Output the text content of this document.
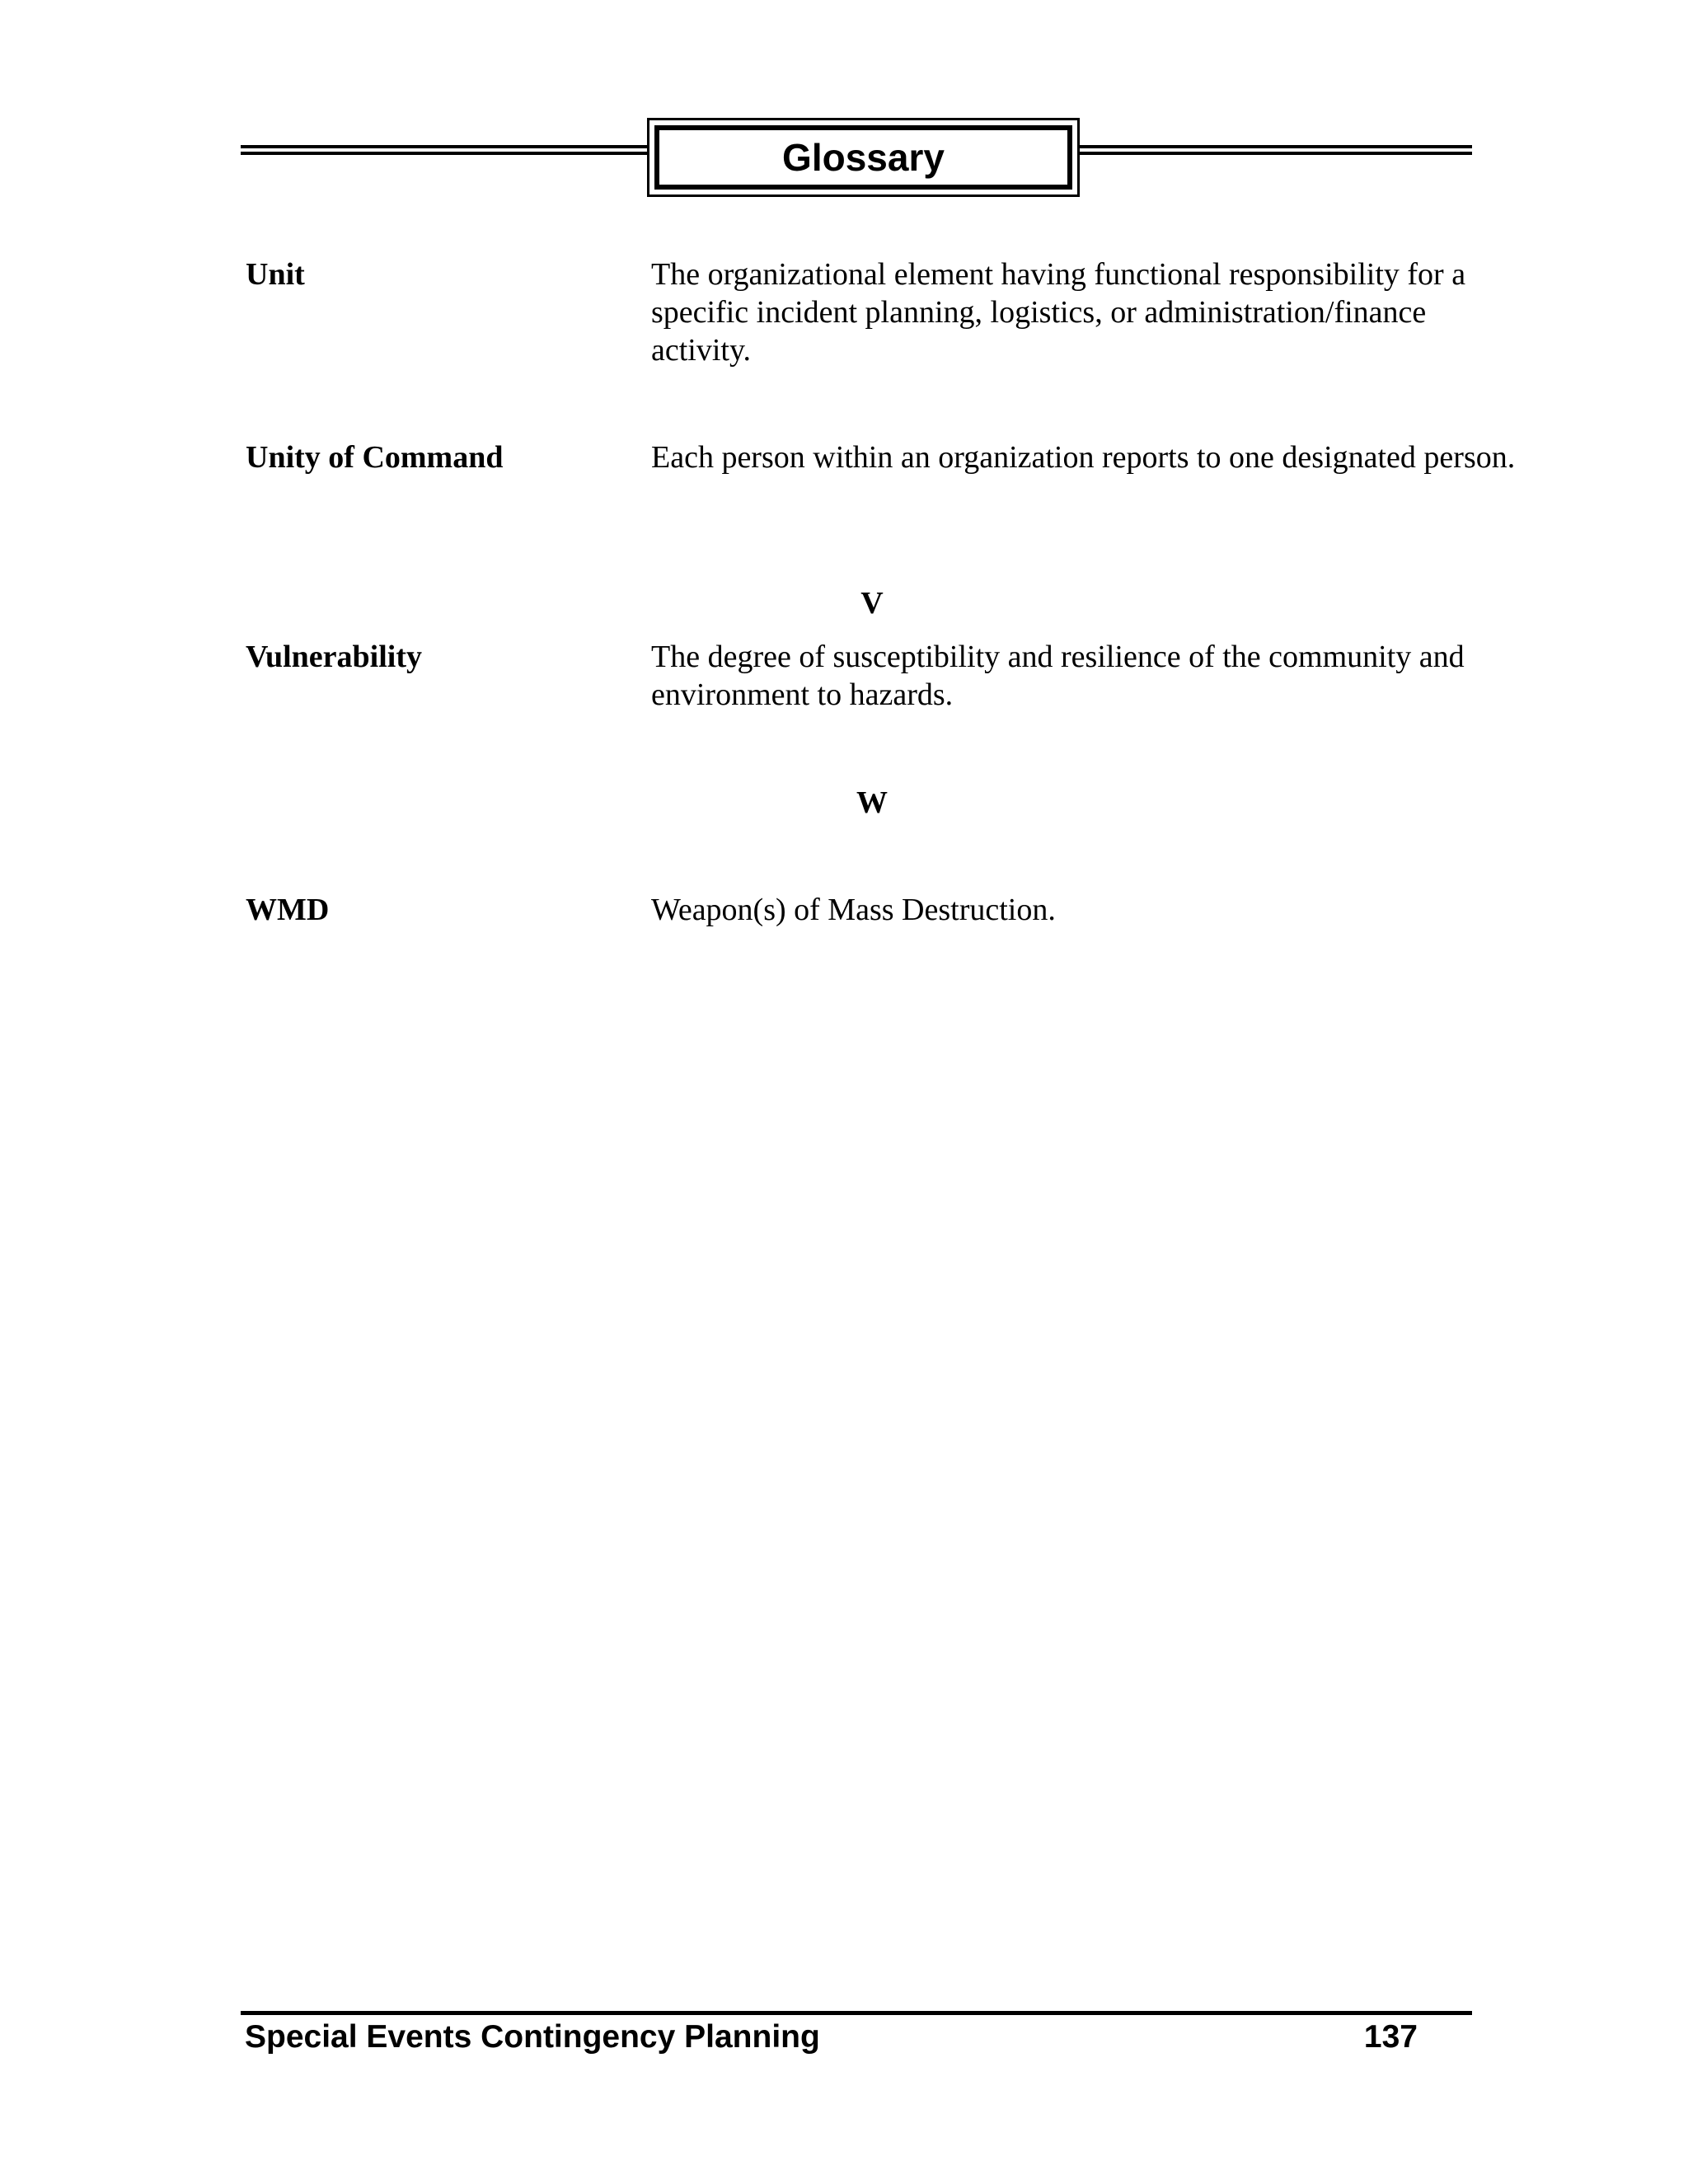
Glossary
Unit	The organizational element having functional responsibility for a specific incident planning, logistics, or administration/finance activity.
Unity of Command	Each person within an organization reports to one designated person.
V
Vulnerability	The degree of susceptibility and resilience of the community and environment to hazards.
W
WMD	Weapon(s) of Mass Destruction.
Special Events Contingency Planning	137
